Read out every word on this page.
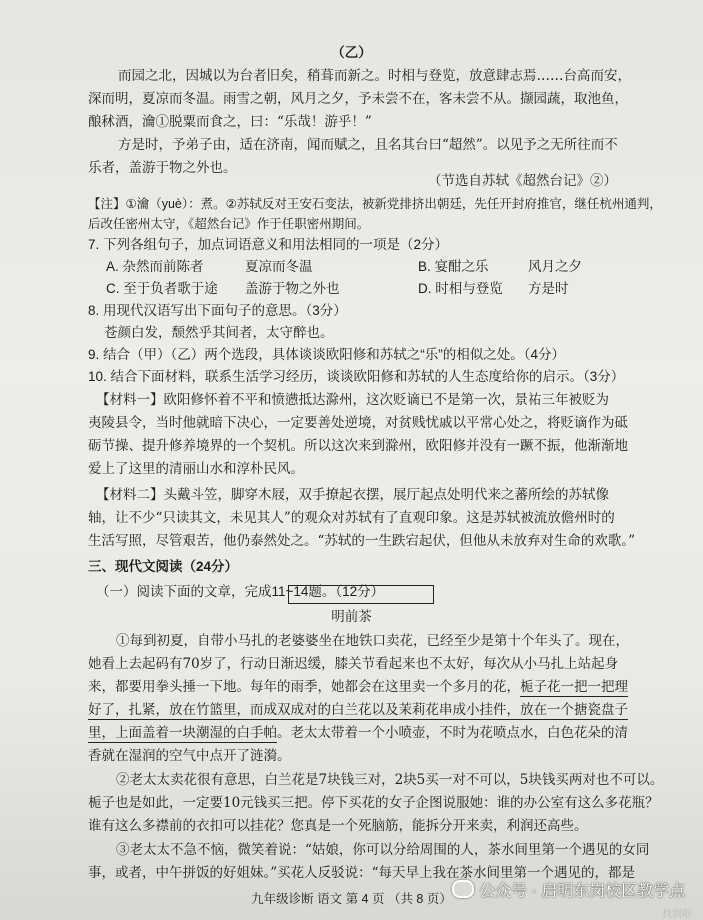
（乙）
而园之北，因城以为台者旧矣，稍葺而新之。时相与登览，放意肆志焉……台高而安，
深而明，夏凉而冬温。雨雪之朝，风月之夕，予未尝不在，客未尝不从。撷园蔬，取池鱼，
酿秫酒，瀹①脱粟而食之，曰：“乐哉！游乎！”
方是时，予弟子由，适在济南，闻而赋之，且名其台曰“超然”。以见予之无所往而不
乐者，盖游于物之外也。
（节选自苏轼《超然台记》②）
【注】①瀹（yuè）：煮。②苏轼反对王安石变法，被新党排挤出朝廷，先任开封府推官，继任杭州通判，
后改任密州太守，《超然台记》作于任职密州期间。
7. 下列各组句子，加点词语意义和用法相同的一项是（2分）
A. 杂然而前陈者	夏凉而冬温	B. 宴酣之乐	风月之夕
C. 至于负者歌于途 盖游于物之外也	D. 时相与登览 方是时
8. 用现代汉语写出下面句子的意思。（3分）
苍颜白发，颓然乎其间者，太守醉也。
9. 结合（甲）（乙）两个选段，具体谈谈欧阳修和苏轼之“乐”的相似之处。（4分）
10. 结合下面材料，联系生活学习经历，谈谈欧阳修和苏轼的人生态度给你的启示。（3分）
【材料一】欧阳修怀着不平和愤懑抵达滁州，这次贬谪已不是第一次，景祐三年被贬为
夷陵县令，当时他就暗下决心，一定要善处逆境，对贫贱忧戚以平常心处之，将贬谪作为砥
砺节操、提升修养境界的一个契机。所以这次来到滁州，欧阳修并没有一蹶不振，他渐渐地
爱上了这里的清丽山水和淳朴民风。
【材料二】头戴斗笠，脚穿木屐，双手撩起衣摆，展厅起点处明代来之蕃所绘的苏轼像
轴，让不少“只读其文，未见其人”的观众对苏轼有了直观印象。这是苏轼被流放儋州时的
生活写照，尽管艰苦，他仍泰然处之。“苏轼的一生跌宕起伏，但他从未放弃对生命的欢歌。”
三、现代文阅读（24分）
（一）阅读下面的文章，完成11~14题。（12分）
明前茶
①每到初夏，自带小马扎的老婆婆坐在地铁口卖花，已经至少是第十个年头了。现在，
她看上去起码有70岁了，行动日渐迟缓，膝关节看起来也不太好，每次从小马扎上站起身
来，都要用拳头捶一下地。每年的雨季，她都会在这里卖一个多月的花，栀子花一把一把理
好了，扎紧，放在竹篮里，而成双成对的白兰花以及茉莉花串成小挂件，放在一个搪瓷盘子
里，上面盖着一块潮湿的白手帕。老太太带着一个小喷壶，不时为花喷点水，白色花朵的清
香就在湿润的空气中点开了涟漪。
②老太太卖花很有意思，白兰花是7块钱三对，2块5买一对不可以，5块钱买两对也不可以。
栀子也是如此，一定要10元钱买三把。停下买花的女子企图说服她：谁的办公室有这么多花瓶？
谁有这么多襟前的衣扣可以挂花？您真是一个死脑筋，能拆分开来卖，利润还高些。
③老太太不急不恼，微笑着说：“姑娘，你可以分给周围的人，茶水间里第一个遇见的女同
事，或者，中午拼饭的好姐妹。”买花人反驳说：“每天早上我在茶水间里第一个遇见的，都是
九年级诊断 语文 第 4 页 （共 8 页）	公众号 · 启明东岗校区教学点
找到啦
